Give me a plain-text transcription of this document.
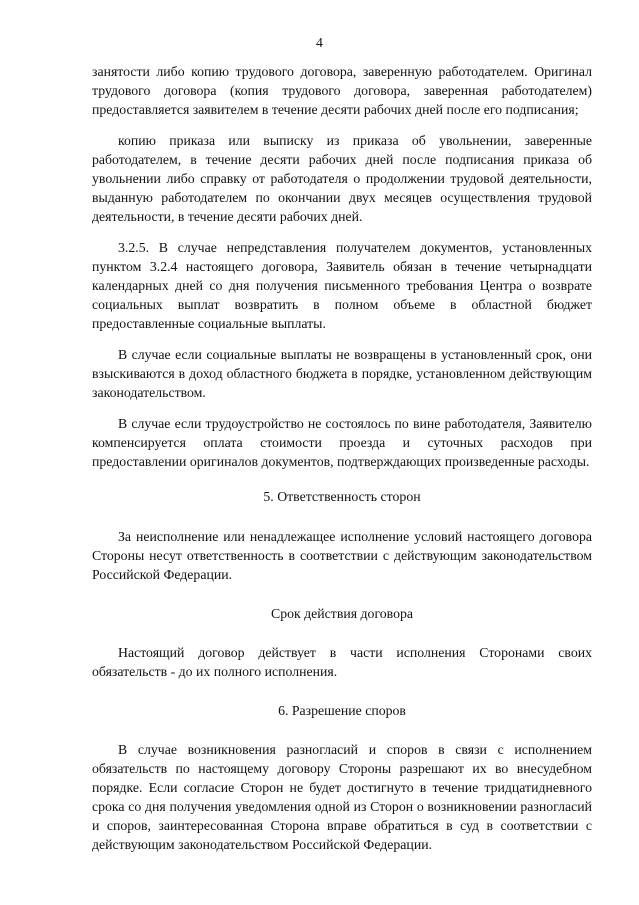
4

занятости либо копию трудового договора, заверенную работодателем. Оригинал трудового договора (копия трудового договора, заверенная работодателем) предоставляется заявителем в течение десяти рабочих дней после его подписания;

копию приказа или выписку из приказа об увольнении, заверенные работодателем, в течение десяти рабочих дней после подписания приказа об увольнении либо справку от работодателя о продолжении трудовой деятельности, выданную работодателем по окончании двух месяцев осуществления трудовой деятельности, в течение десяти рабочих дней.

3.2.5. В случае непредставления получателем документов, установленных пунктом 3.2.4 настоящего договора, Заявитель обязан в течение четырнадцати календарных дней со дня получения письменного требования Центра о возврате социальных выплат возвратить в полном объеме в областной бюджет предоставленные социальные выплаты.

В случае если социальные выплаты не возвращены в установленный срок, они взыскиваются в доход областного бюджета в порядке, установленном действующим законодательством.

В случае если трудоустройство не состоялось по вине работодателя, Заявителю компенсируется оплата стоимости проезда и суточных расходов при предоставлении оригиналов документов, подтверждающих произведенные расходы.

5. Ответственность сторон

За неисполнение или ненадлежащее исполнение условий настоящего договора Стороны несут ответственность в соответствии с действующим законодательством Российской Федерации.

Срок действия договора

Настоящий договор действует в части исполнения Сторонами своих обязательств - до их полного исполнения.

6. Разрешение споров

В случае возникновения разногласий и споров в связи с исполнением обязательств по настоящему договору Стороны разрешают их во внесудебном порядке. Если согласие Сторон не будет достигнуто в течение тридцатидневного срока со дня получения уведомления одной из Сторон о возникновении разногласий и споров, заинтересованная Сторона вправе обратиться в суд в соответствии с действующим законодательством Российской Федерации.
